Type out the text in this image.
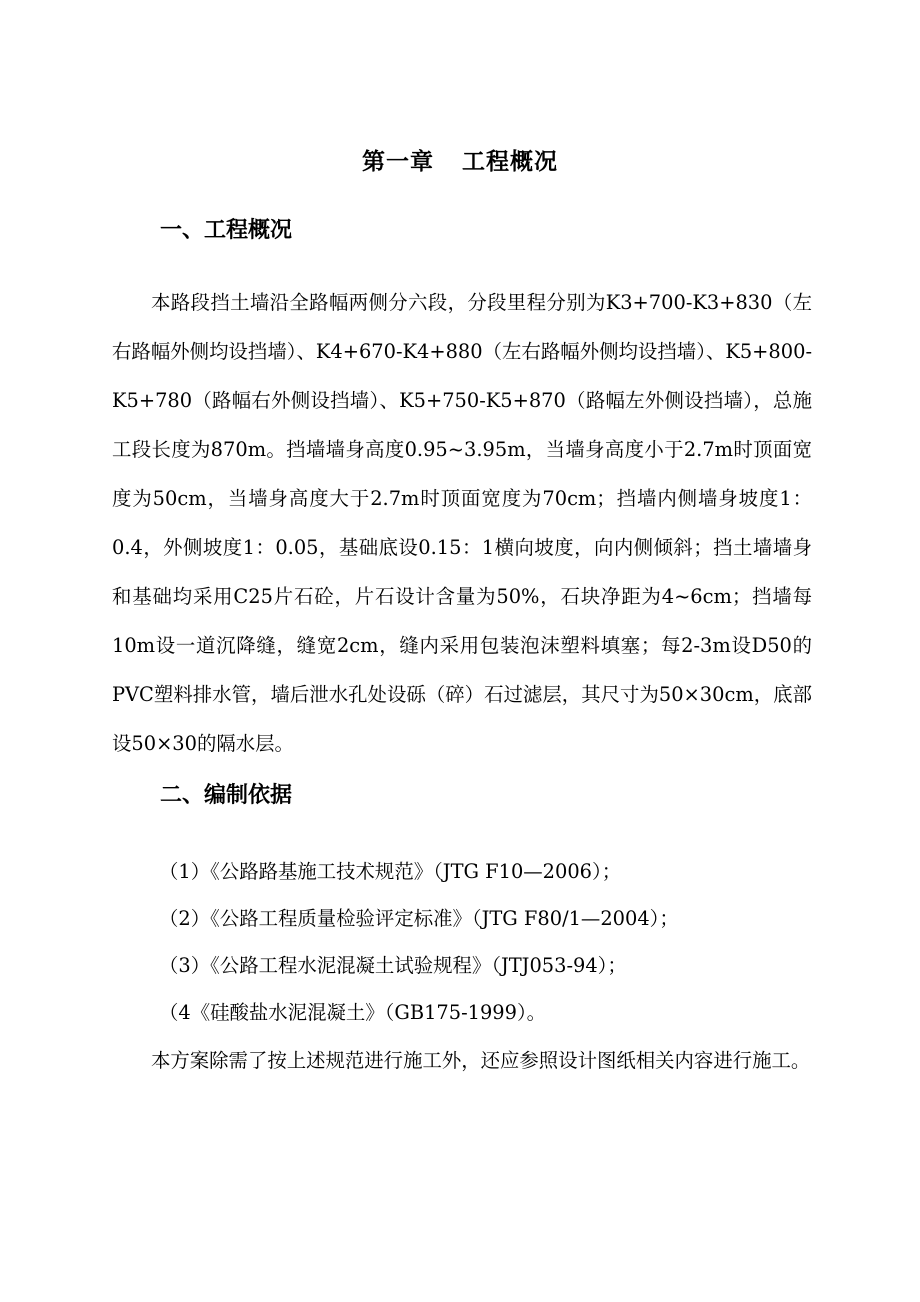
第一章 工程概况
一、工程概况

本路段挡土墙沿全路幅两侧分六段，分段里程分别为K3+700-K3+830（左右路幅外侧均设挡墙）、K4+670-K4+880（左右路幅外侧均设挡墙）、K5+800-K5+780（路幅右外侧设挡墙）、K5+750-K5+870（路幅左外侧设挡墙），总施工段长度为870m。挡墙墙身高度0.95~3.95m，当墙身高度小于2.7m时顶面宽度为50cm，当墙身高度大于2.7m时顶面宽度为70cm；挡墙内侧墙身坡度1：0.4，外侧坡度1：0.05，基础底设0.15：1横向坡度，向内侧倾斜；挡土墙墙身和基础均采用C25片石砼，片石设计含量为50%，石块净距为4~6cm；挡墙每10m设一道沉降缝，缝宽2cm，缝内采用包装泡沫塑料填塞；每2-3m设D50的PVC塑料排水管，墙后泄水孔处设砾（碎）石过滤层，其尺寸为50×30cm，底部设50×30的隔水层。

二、编制依据
（1）《公路路基施工技术规范》（JTG F10—2006）；
（2）《公路工程质量检验评定标准》（JTG F80/1—2004）；
（3）《公路工程水泥混凝土试验规程》（JTJ053-94）；
（4《硅酸盐水泥混凝土》（GB175-1999）。

本方案除需了按上述规范进行施工外，还应参照设计图纸相关内容进行施工。
